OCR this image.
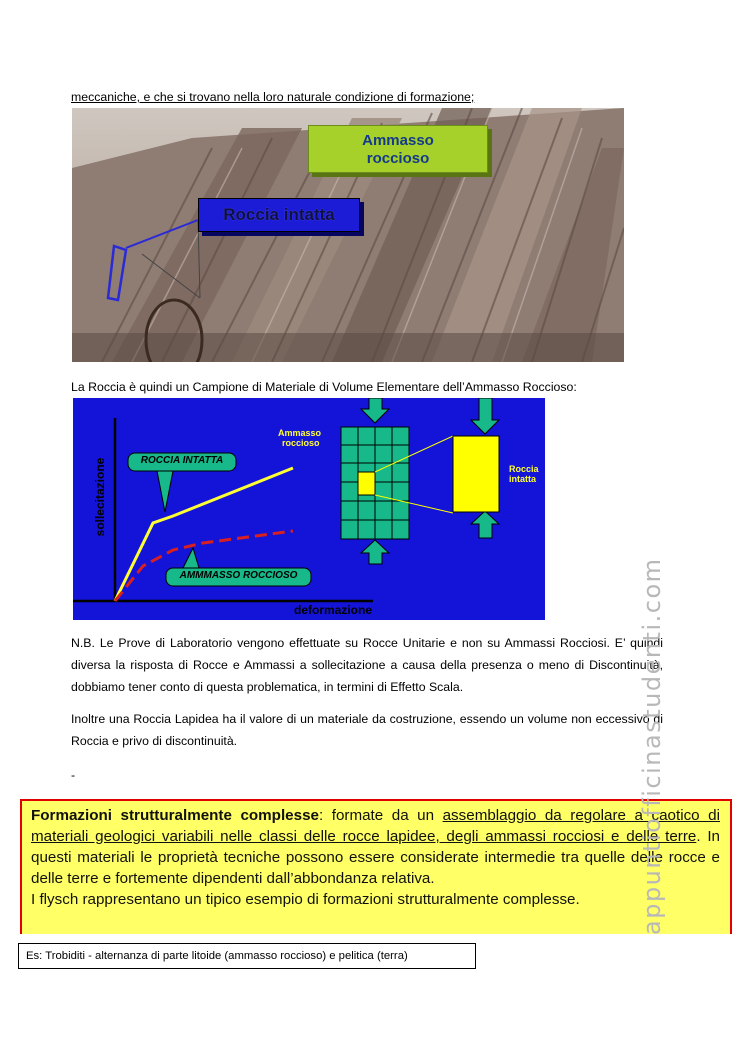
meccaniche, e che si trovano nella loro naturale condizione di formazione;
Ammasso
roccioso
Roccia intatta
La Roccia è quindi un Campione di Materiale di Volume Elementare dell’Ammasso Roccioso:
sollecitazione
deformazione
ROCCIA INTATTA
AMMMASSO ROCCIOSO
Ammasso
roccioso
Roccia
intatta
N.B. Le Prove di Laboratorio vengono effettuate su Rocce Unitarie e non su Ammassi Rocciosi. E’ quindi diversa la risposta di Rocce e Ammassi a sollecitazione a causa della presenza o meno di Discontinuità, dobbiamo tener conto di questa problematica, in termini di Effetto Scala.
Inoltre una Roccia Lapidea ha il valore di un materiale da costruzione, essendo un volume non eccessivo di Roccia e privo di discontinuità.
-
Formazioni strutturalmente complesse: formate da un assemblaggio da regolare a caotico di materiali geologici variabili nelle classi delle rocce lapidee, degli ammassi rocciosi e delle terre. In questi materiali le proprietà tecniche possono essere considerate intermedie tra quelle delle rocce e delle terre e fortemente dipendenti dall’abbondanza relativa.
I flysch rappresentano un tipico esempio di formazioni strutturalmente complesse.
Es: Trobiditi - alternanza di parte litoide (ammasso roccioso) e pelitica (terra)
appuntiofficinastudenti.com
